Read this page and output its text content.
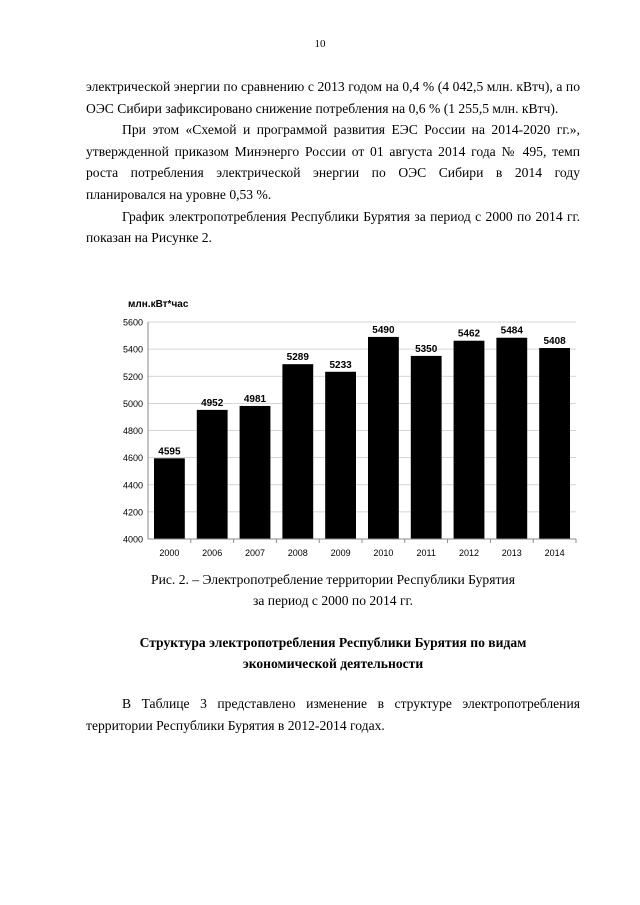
10

электрической энергии по сравнению с 2013 годом на 0,4 % (4 042,5 млн. кВтч), а по ОЭС Сибири зафиксировано снижение потребления на 0,6 % (1 255,5 млн. кВтч).

При этом «Схемой и программой развития ЕЭС России на 2014-2020 гг.», утвержденной приказом Минэнерго России от 01 августа 2014 года № 495, темп роста потребления электрической энергии по ОЭС Сибири в 2014 году планировался на уровне 0,53 %.

График электропотребления Республики Бурятия за период с 2000 по 2014 гг. показан на Рисунке 2.

млн.кВт*час
4595
4952 4981
5289
5233
5490
5350
5462 5484
5408
4000
4200
4400
4600
4800
5000
5200
5400
5600
2000	2006	2007	2008	2009	2010	2011	2012	2013	2014
Рис. 2. – Электропотребление территории Республики Бурятия
за период с 2000 по 2014 гг.
Структура электропотребления Республики Бурятия по видам
экономической деятельности
В Таблице 3 представлено изменение в структуре электропотребления территории Республики Бурятия в 2012-2014 годах.
